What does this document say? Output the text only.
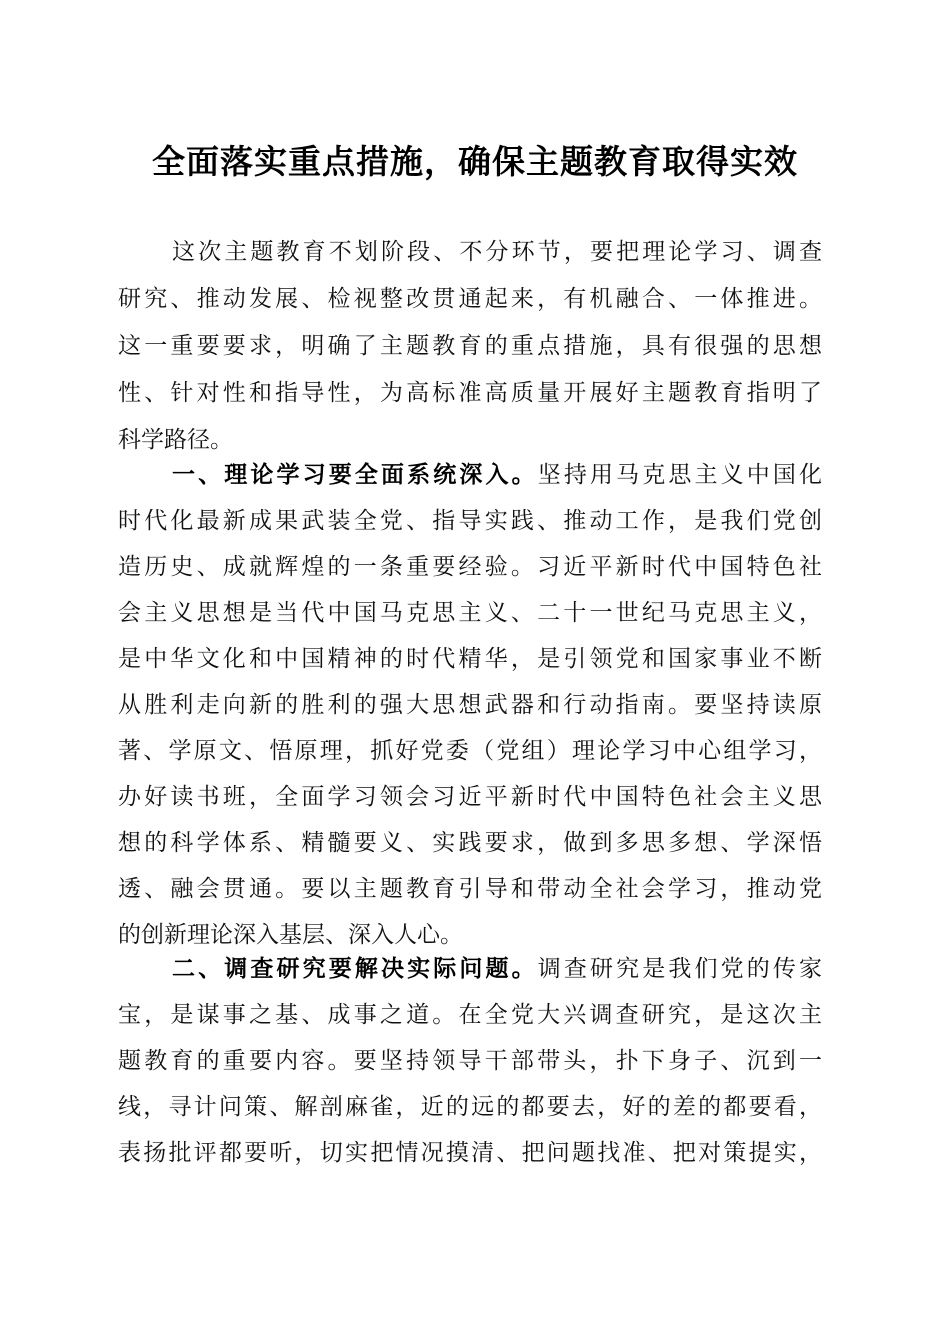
全面落实重点措施，确保主题教育取得实效
这次主题教育不划阶段、不分环节，要把理论学习、调查
研究、推动发展、检视整改贯通起来，有机融合、一体推进。
这一重要要求，明确了主题教育的重点措施，具有很强的思想
性、针对性和指导性，为高标准高质量开展好主题教育指明了
科学路径。
一、理论学习要全面系统深入。坚持用马克思主义中国化
时代化最新成果武装全党、指导实践、推动工作，是我们党创
造历史、成就辉煌的一条重要经验。习近平新时代中国特色社
会主义思想是当代中国马克思主义、二十一世纪马克思主义，
是中华文化和中国精神的时代精华，是引领党和国家事业不断
从胜利走向新的胜利的强大思想武器和行动指南。要坚持读原
著、学原文、悟原理，抓好党委（党组）理论学习中心组学习，
办好读书班，全面学习领会习近平新时代中国特色社会主义思
想的科学体系、精髓要义、实践要求，做到多思多想、学深悟
透、融会贯通。要以主题教育引导和带动全社会学习，推动党
的创新理论深入基层、深入人心。
二、调查研究要解决实际问题。调查研究是我们党的传家
宝，是谋事之基、成事之道。在全党大兴调查研究，是这次主
题教育的重要内容。要坚持领导干部带头，扑下身子、沉到一
线，寻计问策、解剖麻雀，近的远的都要去，好的差的都要看，
表扬批评都要听，切实把情况摸清、把问题找准、把对策提实，
